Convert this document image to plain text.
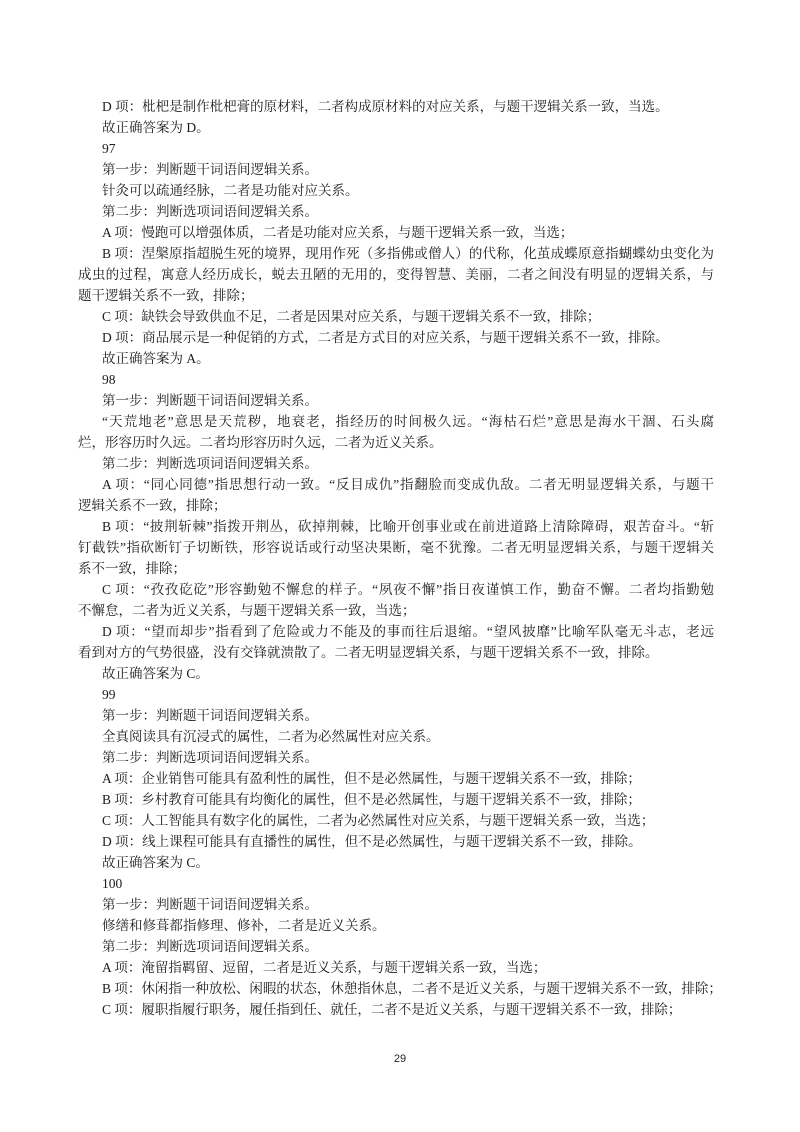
D 项：枇杷是制作枇杷膏的原材料，二者构成原材料的对应关系，与题干逻辑关系一致，当选。
故正确答案为 D。
97
第一步：判断题干词语间逻辑关系。
针灸可以疏通经脉，二者是功能对应关系。
第二步：判断选项词语间逻辑关系。
A 项：慢跑可以增强体质，二者是功能对应关系，与题干逻辑关系一致，当选；
B 项：涅槃原指超脱生死的境界，现用作死（多指佛或僧人）的代称，化茧成蝶原意指蝴蝶幼虫变化为
成虫的过程，寓意人经历成长，蜕去丑陋的无用的，变得智慧、美丽，二者之间没有明显的逻辑关系，与
题干逻辑关系不一致，排除；
C 项：缺铁会导致供血不足，二者是因果对应关系，与题干逻辑关系不一致，排除；
D 项：商品展示是一种促销的方式，二者是方式目的对应关系，与题干逻辑关系不一致，排除。
故正确答案为 A。
98
第一步：判断题干词语间逻辑关系。
“天荒地老”意思是天荒秽，地衰老，指经历的时间极久远。“海枯石烂”意思是海水干涸、石头腐
烂，形容历时久远。二者均形容历时久远，二者为近义关系。
第二步：判断选项词语间逻辑关系。
A 项：“同心同德”指思想行动一致。“反目成仇”指翻脸而变成仇敌。二者无明显逻辑关系，与题干
逻辑关系不一致，排除；
B 项：“披荆斩棘”指拨开荆丛，砍掉荆棘，比喻开创事业或在前进道路上清除障碍，艰苦奋斗。“斩
钉截铁”指砍断钉子切断铁，形容说话或行动坚决果断，毫不犹豫。二者无明显逻辑关系，与题干逻辑关
系不一致，排除；
C 项：“孜孜矻矻”形容勤勉不懈怠的样子。“夙夜不懈”指日夜谨慎工作，勤奋不懈。二者均指勤勉
不懈怠，二者为近义关系，与题干逻辑关系一致，当选；
D 项：“望而却步”指看到了危险或力不能及的事而往后退缩。“望风披靡”比喻军队毫无斗志，老远
看到对方的气势很盛，没有交锋就溃散了。二者无明显逻辑关系，与题干逻辑关系不一致，排除。
故正确答案为 C。
99
第一步：判断题干词语间逻辑关系。
全真阅读具有沉浸式的属性，二者为必然属性对应关系。
第二步：判断选项词语间逻辑关系。
A 项：企业销售可能具有盈利性的属性，但不是必然属性，与题干逻辑关系不一致，排除；
B 项：乡村教育可能具有均衡化的属性，但不是必然属性，与题干逻辑关系不一致，排除；
C 项：人工智能具有数字化的属性，二者为必然属性对应关系，与题干逻辑关系一致，当选；
D 项：线上课程可能具有直播性的属性，但不是必然属性，与题干逻辑关系不一致，排除。
故正确答案为 C。
100
第一步：判断题干词语间逻辑关系。
修缮和修葺都指修理、修补，二者是近义关系。
第二步：判断选项词语间逻辑关系。
A 项：淹留指羁留、逗留，二者是近义关系，与题干逻辑关系一致，当选；
B 项：休闲指一种放松、闲暇的状态，休憩指休息，二者不是近义关系，与题干逻辑关系不一致，排除；
C 项：履职指履行职务，履任指到任、就任，二者不是近义关系，与题干逻辑关系不一致，排除；
29
